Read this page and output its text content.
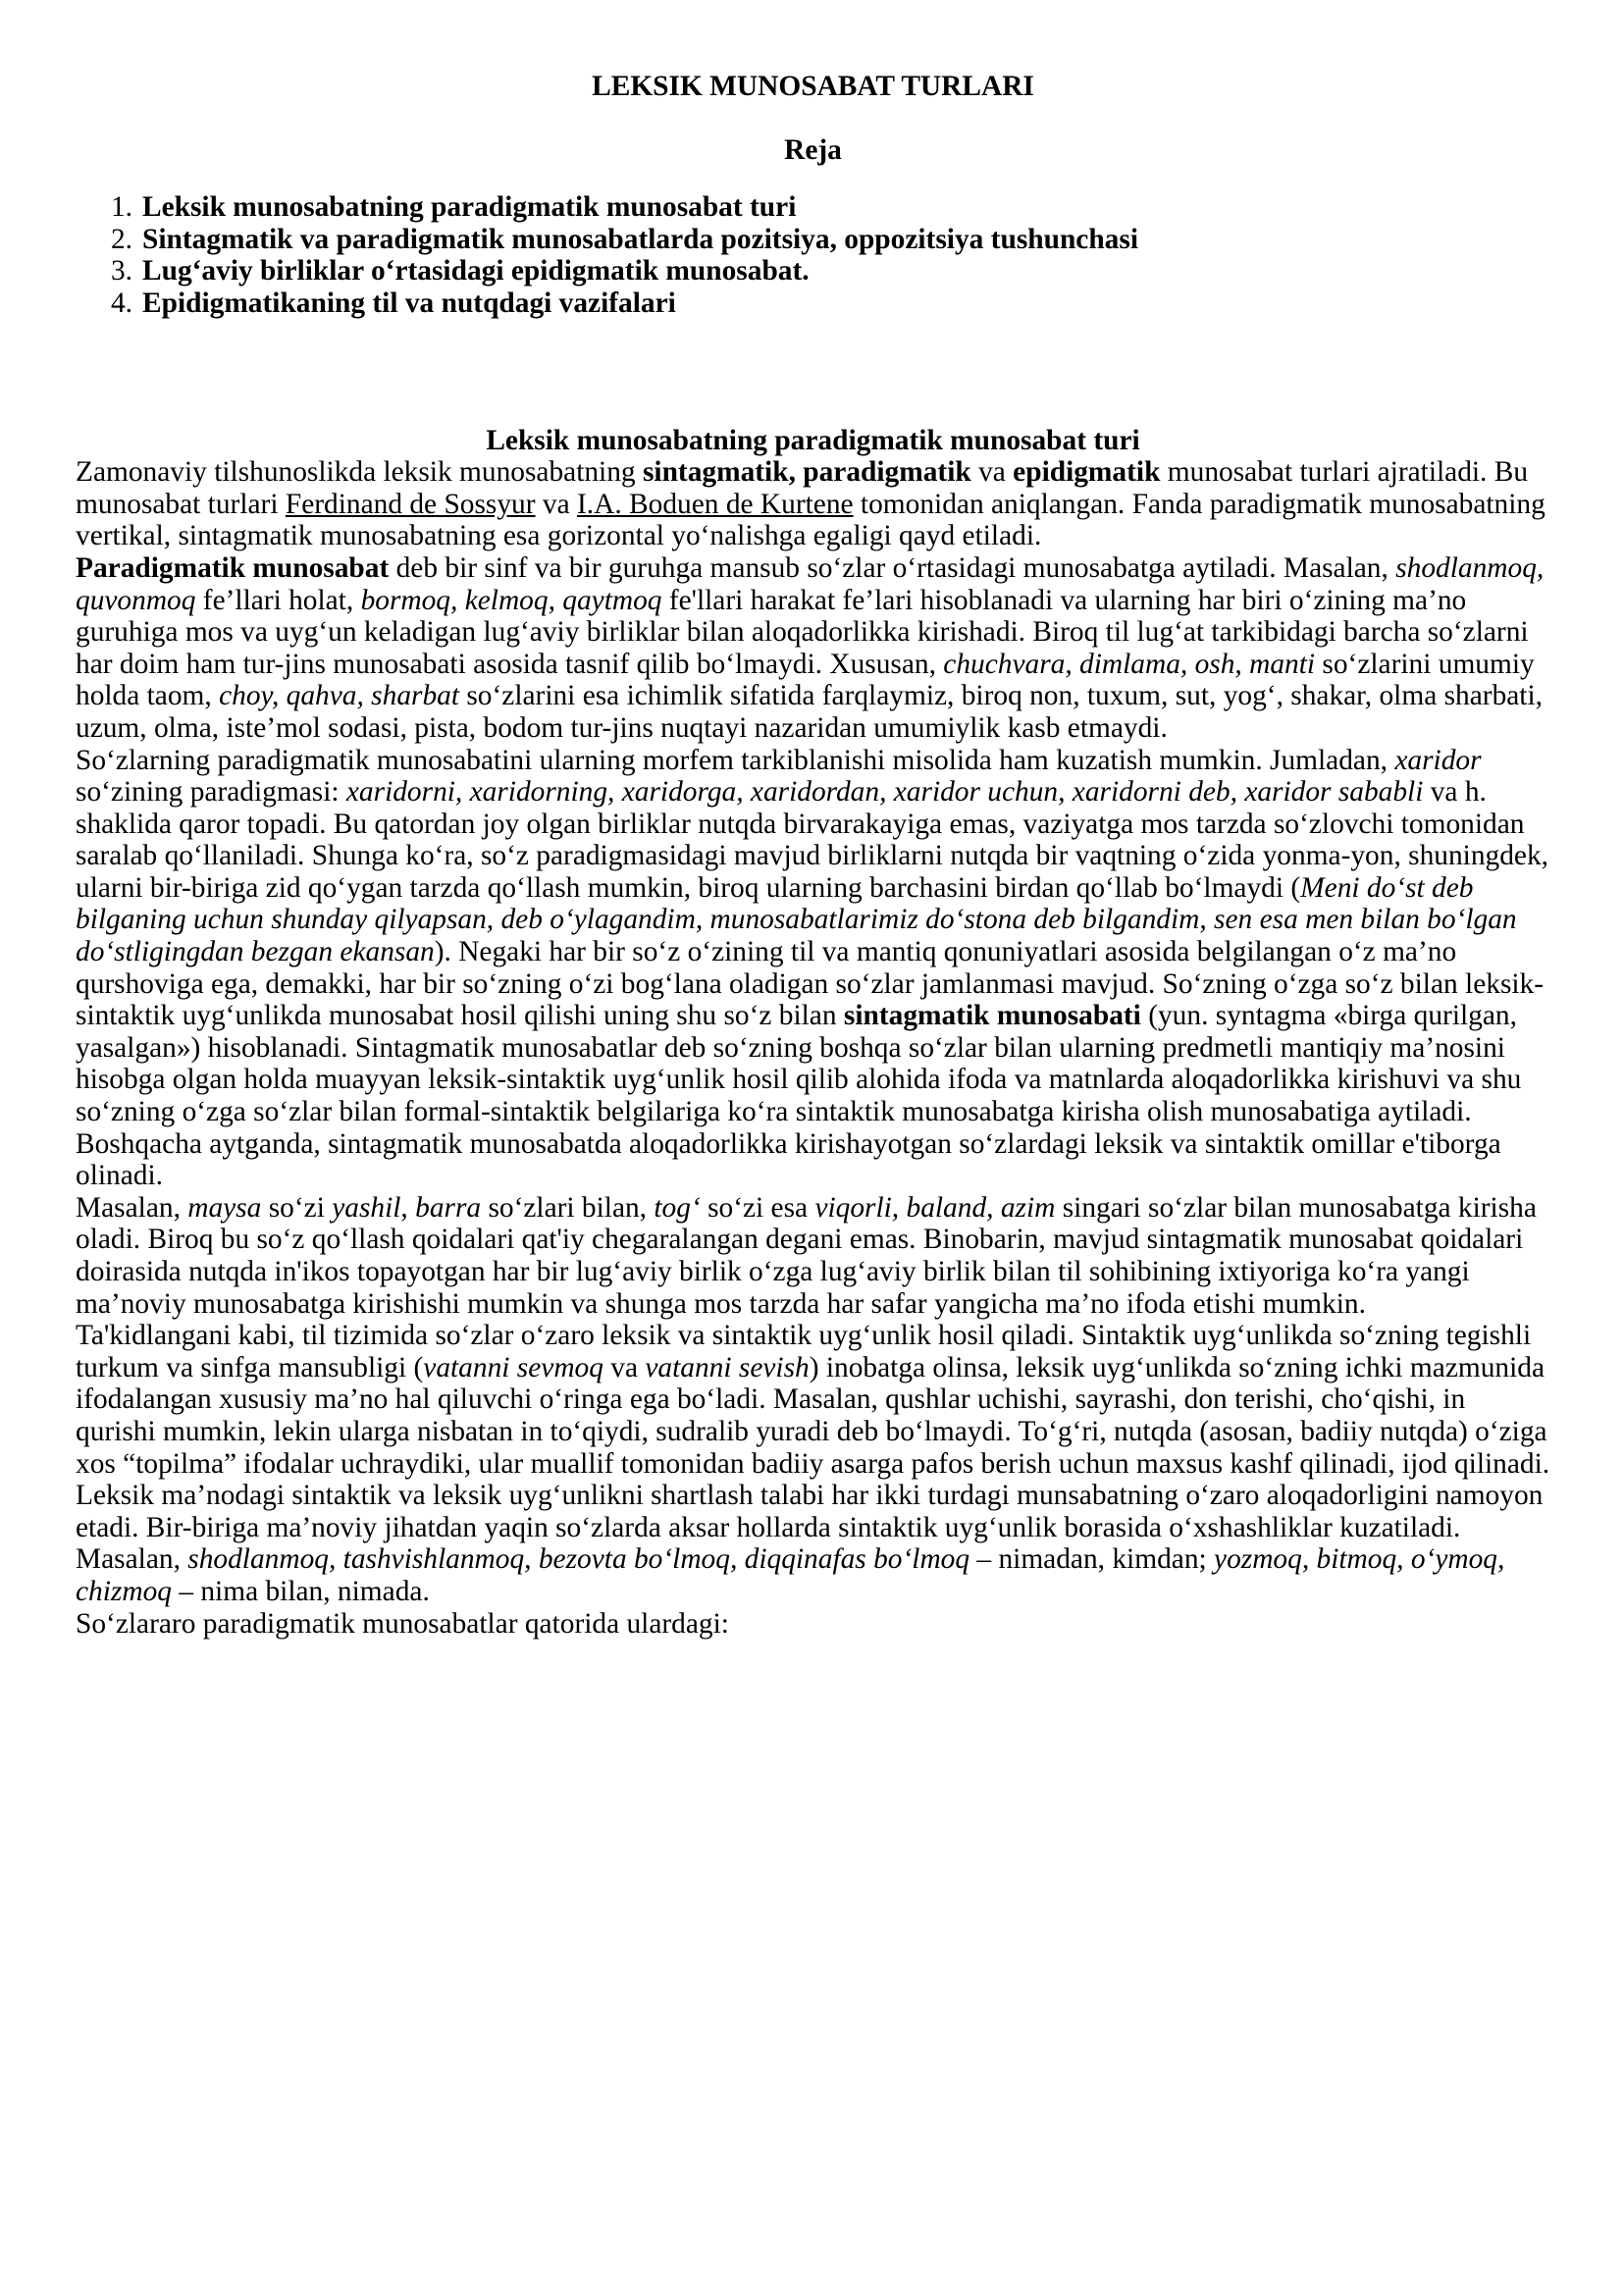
LEKSIK MUNOSABAT TURLARI

Reja

1. Leksik munosabatning paradigmatik munosabat turi
2. Sintagmatik va paradigmatik munosabatlarda pozitsiya, oppozitsiya tushunchasi
3. Lug‘aviy birliklar o‘rtasidagi epidigmatik munosabat.
4. Epidigmatikaning til va nutqdagi vazifalari

Leksik munosabatning paradigmatik munosabat turi

Zamonaviy tilshunoslikda leksik munosabatning sintagmatik, paradigmatik va epidigmatik munosabat turlari ajratiladi. Bu munosabat turlari Ferdinand de Sossyur va I.A. Boduen de Kurtene tomonidan aniqlangan. Fanda paradigmatik munosabatning vertikal, sintagmatik munosabatning esa gorizontal yo‘nalishga egaligi qayd etiladi.

Paradigmatik munosabat deb bir sinf va bir guruhga mansub so‘zlar o‘rtasidagi munosabatga aytiladi. Masalan, shodlanmoq, quvonmoq fe’llari holat, bormoq, kelmoq, qaytmoq fe'llari harakat fe’lari hisoblanadi va ularning har biri o‘zining ma’no guruhiga mos va uyg‘un keladigan lug‘aviy birliklar bilan aloqadorlikka kirishadi. Biroq til lug‘at tarkibidagi barcha so‘zlarni har doim ham tur-jins munosabati asosida tasnif qilib bo‘lmaydi. Xususan, chuchvara, dimlama, osh, manti so‘zlarini umumiy holda taom, choy, qahva, sharbat so‘zlarini esa ichimlik sifatida farqlaymiz, biroq non, tuxum, sut, yog‘, shakar, olma sharbati, uzum, olma, iste’mol sodasi, pista, bodom tur-jins nuqtayi nazaridan umumiylik kasb etmaydi.

So‘zlarning paradigmatik munosabatini ularning morfem tarkiblanishi misolida ham kuzatish mumkin. Jumladan, xaridor so‘zining paradigmasi: xaridorni, xaridorning, xaridorga, xaridordan, xaridor uchun, xaridorni deb, xaridor sababli va h. shaklida qaror topadi. Bu qatordan joy olgan birliklar nutqda birvarakayiga emas, vaziyatga mos tarzda so‘zlovchi tomonidan saralab qo‘llaniladi. Shunga ko‘ra, so‘z paradigmasidagi mavjud birliklarni nutqda bir vaqtning o‘zida yonma-yon, shuningdek, ularni bir-biriga zid qo‘ygan tarzda qo‘llash mumkin, biroq ularning barchasini birdan qo‘llab bo‘lmaydi (Meni do‘st deb bilganing uchun shunday qilyapsan, deb o‘ylagandim, munosabatlarimiz do‘stona deb bilgandim, sen esa men bilan bo‘lgan do‘stligingdan bezgan ekansan). Negaki har bir so‘z o‘zining til va mantiq qonuniyatlari asosida belgilangan o‘z ma’no qurshoviga ega, demakki, har bir so‘zning o‘zi bog‘lana oladigan so‘zlar jamlanmasi mavjud. So‘zning o‘zga so‘z bilan leksik-sintaktik uyg‘unlikda munosabat hosil qilishi uning shu so‘z bilan sintagmatik munosabati (yun. syntagma «birga qurilgan, yasalgan») hisoblanadi. Sintagmatik munosabatlar deb so‘zning boshqa so‘zlar bilan ularning predmetli mantiqiy ma’nosini hisobga olgan holda muayyan leksik-sintaktik uyg‘unlik hosil qilib alohida ifoda va matnlarda aloqadorlikka kirishuvi va shu so‘zning o‘zga so‘zlar bilan formal-sintaktik belgilariga ko‘ra sintaktik munosabatga kirisha olish munosabatiga aytiladi. Boshqacha aytganda, sintagmatik munosabatda aloqadorlikka kirishayotgan so‘zlardagi leksik va sintaktik omillar e'tiborga olinadi.

Masalan, maysa so‘zi yashil, barra so‘zlari bilan, tog‘ so‘zi esa viqorli, baland, azim singari so‘zlar bilan munosabatga kirisha oladi. Biroq bu so‘z qo‘llash qoidalari qat'iy chegaralangan degani emas. Binobarin, mavjud sintagmatik munosabat qoidalari doirasida nutqda in'ikos topayotgan har bir lug‘aviy birlik o‘zga lug‘aviy birlik bilan til sohibining ixtiyoriga ko‘ra yangi ma’noviy munosabatga kirishishi mumkin va shunga mos tarzda har safar yangicha ma’no ifoda etishi mumkin.

Ta'kidlangani kabi, til tizimida so‘zlar o‘zaro leksik va sintaktik uyg‘unlik hosil qiladi. Sintaktik uyg‘unlikda so‘zning tegishli turkum va sinfga mansubligi (vatanni sevmoq va vatanni sevish) inobatga olinsa, leksik uyg‘unlikda so‘zning ichki mazmunida ifodalangan xususiy ma’no hal qiluvchi o‘ringa ega bo‘ladi. Masalan, qushlar uchishi, sayrashi, don terishi, cho‘qishi, in qurishi mumkin, lekin ularga nisbatan in to‘qiydi, sudralib yuradi deb bo‘lmaydi. To‘g‘ri, nutqda (asosan, badiiy nutqda) o‘ziga xos “topilma” ifodalar uchraydiki, ular muallif tomonidan badiiy asarga pafos berish uchun maxsus kashf qilinadi, ijod qilinadi.

Leksik ma’nodagi sintaktik va leksik uyg‘unlikni shartlash talabi har ikki turdagi munsabatning o‘zaro aloqadorligini namoyon etadi. Bir-biriga ma’noviy jihatdan yaqin so‘zlarda aksar hollarda sintaktik uyg‘unlik borasida o‘xshashliklar kuzatiladi. Masalan, shodlanmoq, tashvishlanmoq, bezovta bo‘lmoq, diqqinafas bo‘lmoq – nimadan, kimdan; yozmoq, bitmoq, o‘ymoq, chizmoq – nima bilan, nimada.

So‘zlararo paradigmatik munosabatlar qatorida ulardagi:
